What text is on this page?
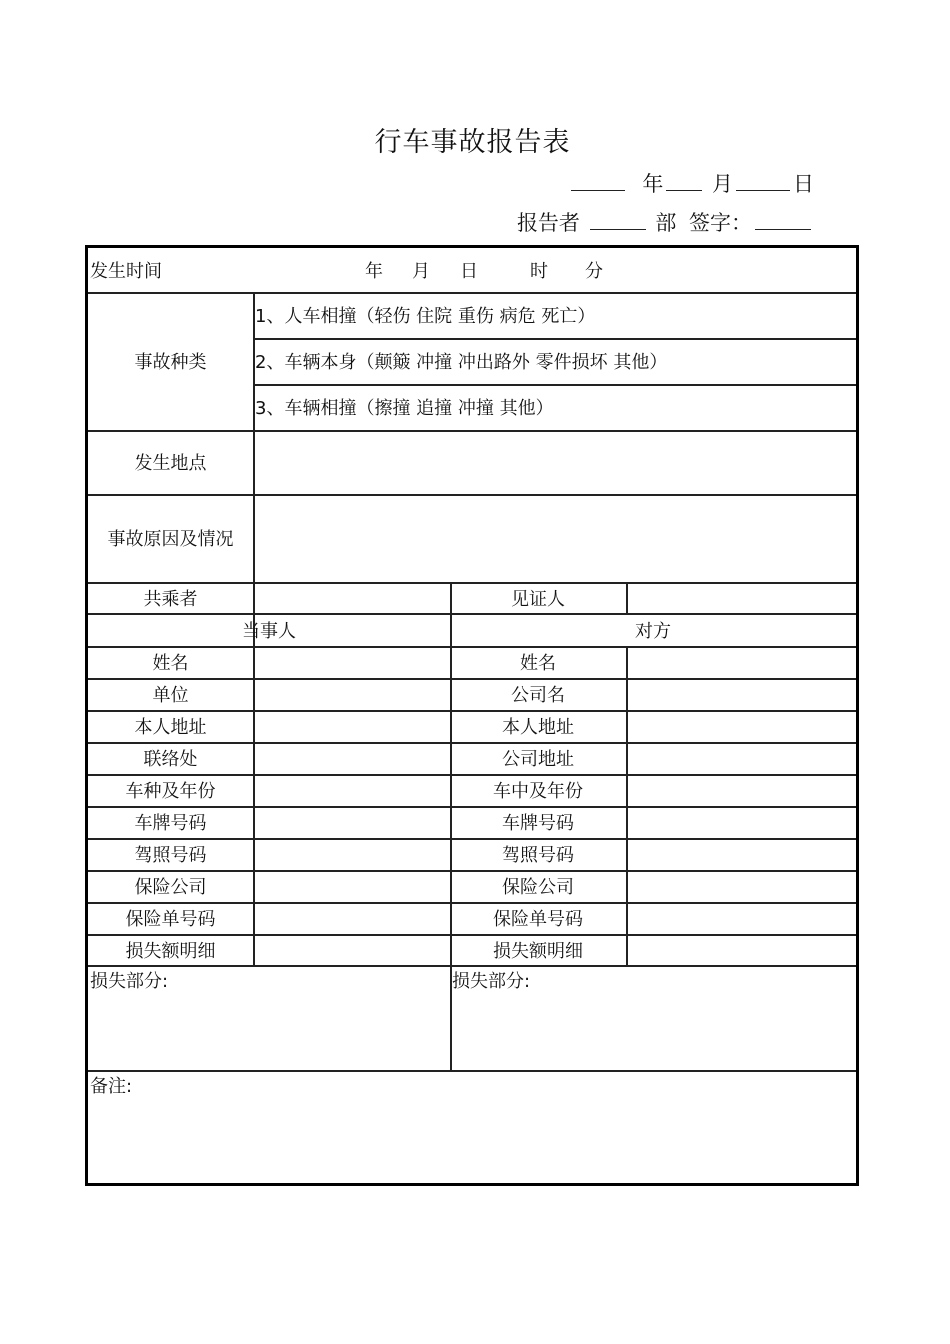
行车事故报告表
年 月	日
报告者	部 签字：
发生时间	年 月 日	时 分
事故种类
1、人车相撞（轻伤 住院 重伤 病危 死亡）
2、车辆本身（颠簸 冲撞 冲出路外 零件损坏 其他）
3、车辆相撞（擦撞 追撞 冲撞 其他）
发生地点
事故原因及情况
共乘者	见证人
当事人	对方
姓名	姓名
单位	公司名
本人地址	本人地址
联络处	公司地址
车种及年份	车中及年份
车牌号码	车牌号码
驾照号码	驾照号码
保险公司	保险公司
保险单号码	保险单号码
损失额明细	损失额明细
损失部分:	损失部分:
备注:
